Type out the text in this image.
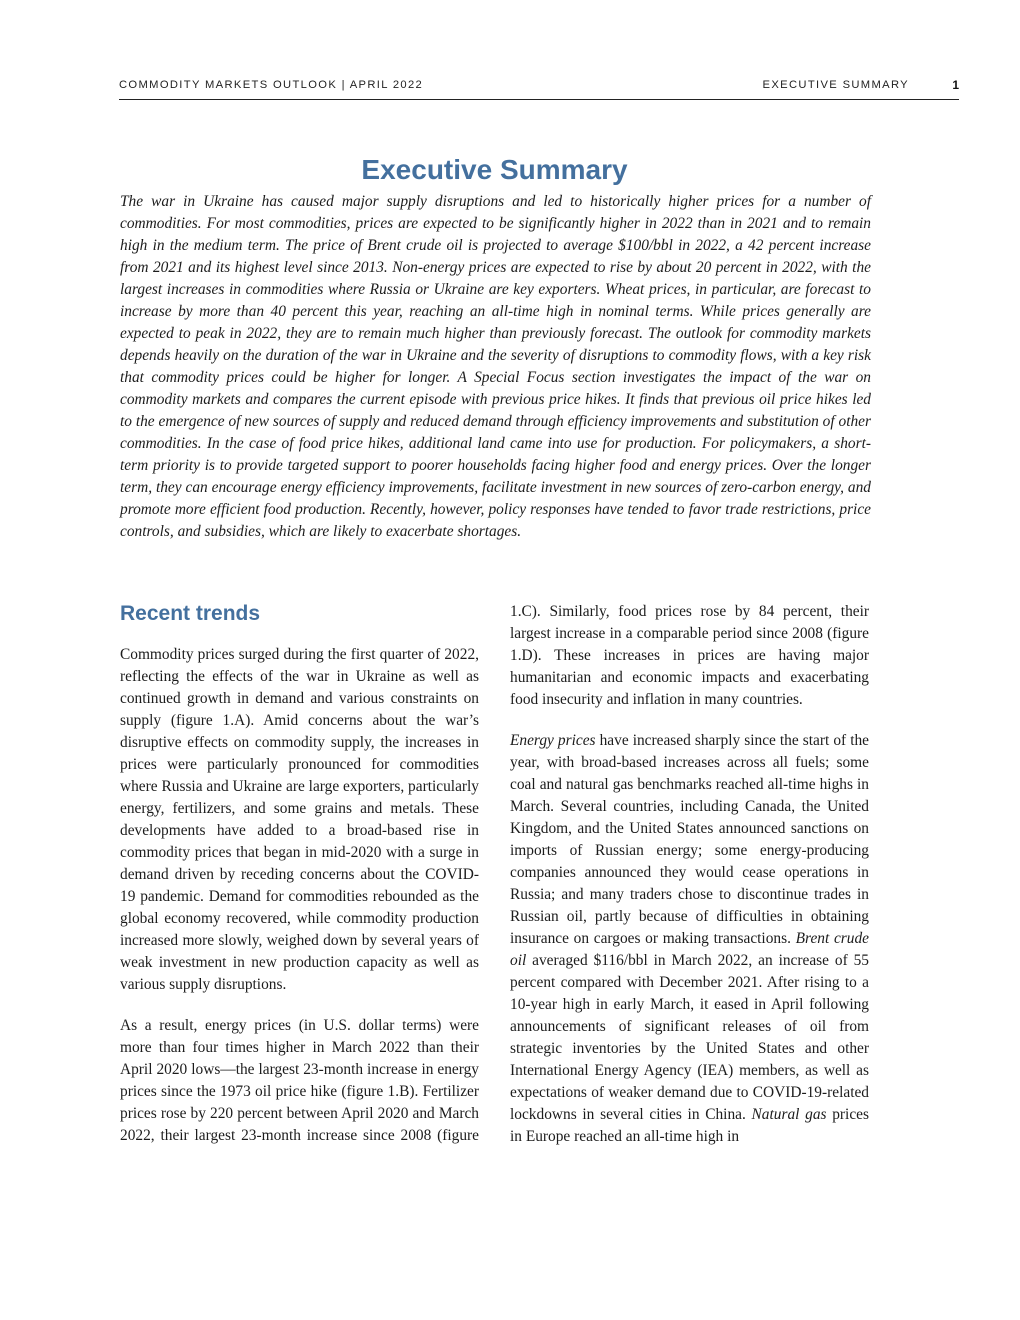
COMMODITY MARKETS OUTLOOK | APRIL 2022	EXECUTIVE SUMMARY	1
Executive Summary

The war in Ukraine has caused major supply disruptions and led to historically higher prices for a number of commodities. For most commodities, prices are expected to be significantly higher in 2022 than in 2021 and to remain high in the medium term. The price of Brent crude oil is projected to average $100/bbl in 2022, a 42 percent increase from 2021 and its highest level since 2013. Non-energy prices are expected to rise by about 20 percent in 2022, with the largest increases in commodities where Russia or Ukraine are key exporters. Wheat prices, in particular, are forecast to increase by more than 40 percent this year, reaching an all-time high in nominal terms. While prices generally are expected to peak in 2022, they are to remain much higher than previously forecast. The outlook for commodity markets depends heavily on the duration of the war in Ukraine and the severity of disruptions to commodity flows, with a key risk that commodity prices could be higher for longer. A Special Focus section investigates the impact of the war on commodity markets and compares the current episode with previous price hikes. It finds that previous oil price hikes led to the emergence of new sources of supply and reduced demand through efficiency improvements and substitution of other commodities. In the case of food price hikes, additional land came into use for production. For policymakers, a short-term priority is to provide targeted support to poorer households facing higher food and energy prices. Over the longer term, they can encourage energy efficiency improvements, facilitate investment in new sources of zero-carbon energy, and promote more efficient food production. Recently, however, policy responses have tended to favor trade restrictions, price controls, and subsidies, which are likely to exacerbate shortages.

Recent trends

Commodity prices surged during the first quarter of 2022, reflecting the effects of the war in Ukraine as well as continued growth in demand and various constraints on supply (figure 1.A). Amid concerns about the war’s disruptive effects on commodity supply, the increases in prices were particularly pronounced for commodities where Russia and Ukraine are large exporters, particularly energy, fertilizers, and some grains and metals. These developments have added to a broad-based rise in commodity prices that began in mid-2020 with a surge in demand driven by receding concerns about the COVID-19 pandemic. Demand for commodities rebounded as the global economy recovered, while commodity production increased more slowly, weighed down by several years of weak investment in new production capacity as well as various supply disruptions.

As a result, energy prices (in U.S. dollar terms) were more than four times higher in March 2022 than their April 2020 lows—the largest 23-month increase in energy prices since the 1973 oil price hike (figure 1.B). Fertilizer prices rose by 220 percent between April 2020 and March 2022, their largest 23-month increase since 2008 (figure

1.C). Similarly, food prices rose by 84 percent, their largest increase in a comparable period since 2008 (figure 1.D). These increases in prices are having major humanitarian and economic impacts and exacerbating food insecurity and inflation in many countries.

Energy prices have increased sharply since the start of the year, with broad-based increases across all fuels; some coal and natural gas benchmarks reached all-time highs in March. Several countries, including Canada, the United Kingdom, and the United States announced sanctions on imports of Russian energy; some energy-producing companies announced they would cease operations in Russia; and many traders chose to discontinue trades in Russian oil, partly because of difficulties in obtaining insurance on cargoes or making transactions. Brent crude oil averaged $116/bbl in March 2022, an increase of 55 percent compared with December 2021. After rising to a 10-year high in early March, it eased in April following announcements of significant releases of oil from strategic inventories by the United States and other International Energy Agency (IEA) members, as well as expectations of weaker demand due to COVID-19-related lockdowns in several cities in China. Natural gas prices in Europe reached an all-time high in
